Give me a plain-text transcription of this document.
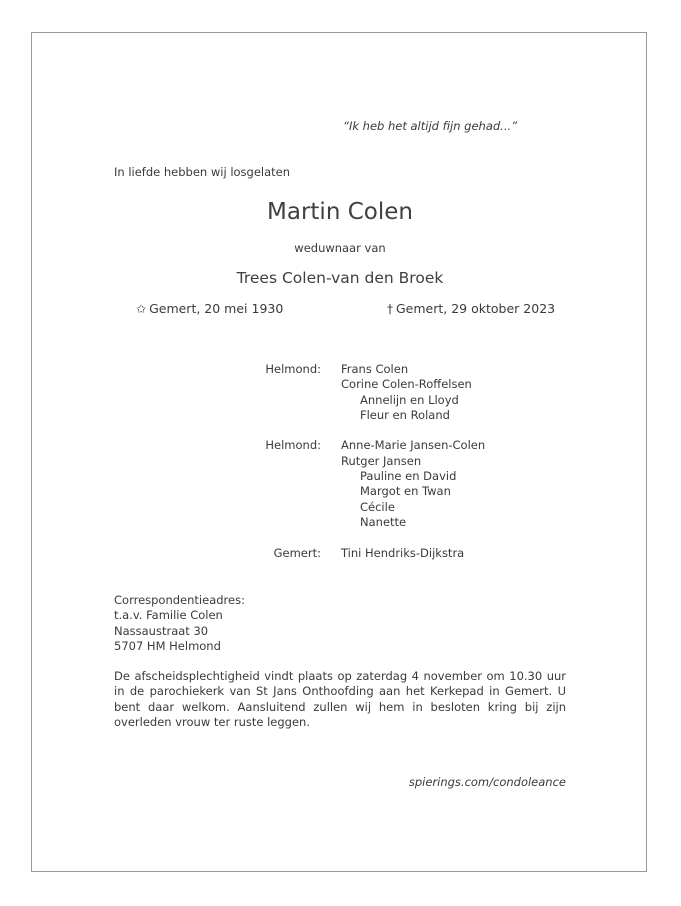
“Ik heb het altijd fijn gehad...”
In liefde hebben wij losgelaten
Martin Colen
weduwnaar van
Trees Colen-van den Broek
✩ Gemert, 20 mei 1930	† Gemert, 29 oktober 2023
Helmond: Frans Colen
Corine Colen-Roffelsen
Annelijn en Lloyd
Fleur en Roland
Helmond: Anne-Marie Jansen-Colen
Rutger Jansen
Pauline en David
Margot en Twan
Cécile
Nanette
Gemert: Tini Hendriks-Dijkstra
Correspondentieadres:
t.a.v. Familie Colen
Nassaustraat 30
5707 HM Helmond
De afscheidsplechtigheid vindt plaats op zaterdag 4 november om 10.30 uur in de parochiekerk van St Jans Onthoofding aan het Kerkepad in Gemert. U bent daar welkom. Aansluitend zullen wij hem in besloten kring bij zijn overleden vrouw ter ruste leggen.
spierings.com/condoleance
